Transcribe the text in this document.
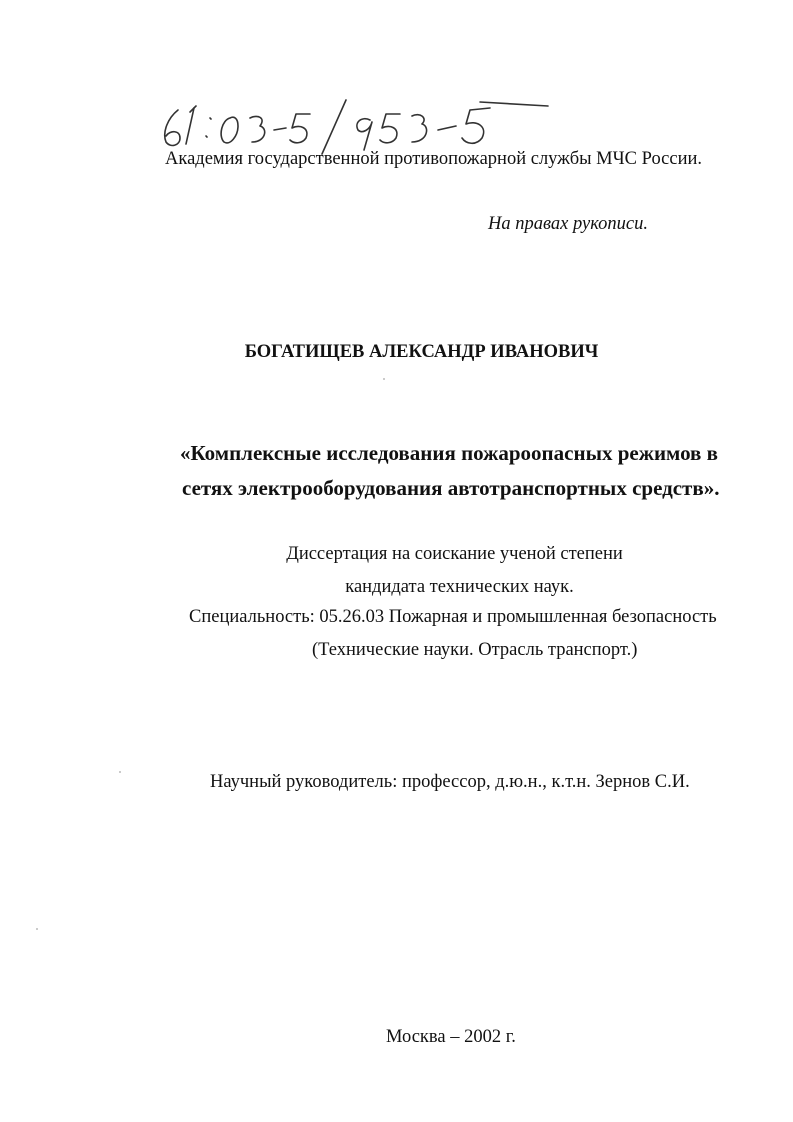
Академия государственной противопожарной службы МЧС России.
На правах рукописи.
БОГАТИЩЕВ АЛЕКСАНДР ИВАНОВИЧ
«Комплексные исследования пожароопасных режимов в
сетях электрооборудования автотранспортных средств».
Диссертация на соискание ученой степени
кандидата технических наук.
Специальность: 05.26.03 Пожарная и промышленная безопасность
(Технические науки. Отрасль транспорт.)
Научный руководитель: профессор, д.ю.н., к.т.н. Зернов С.И.
Москва – 2002 г.
